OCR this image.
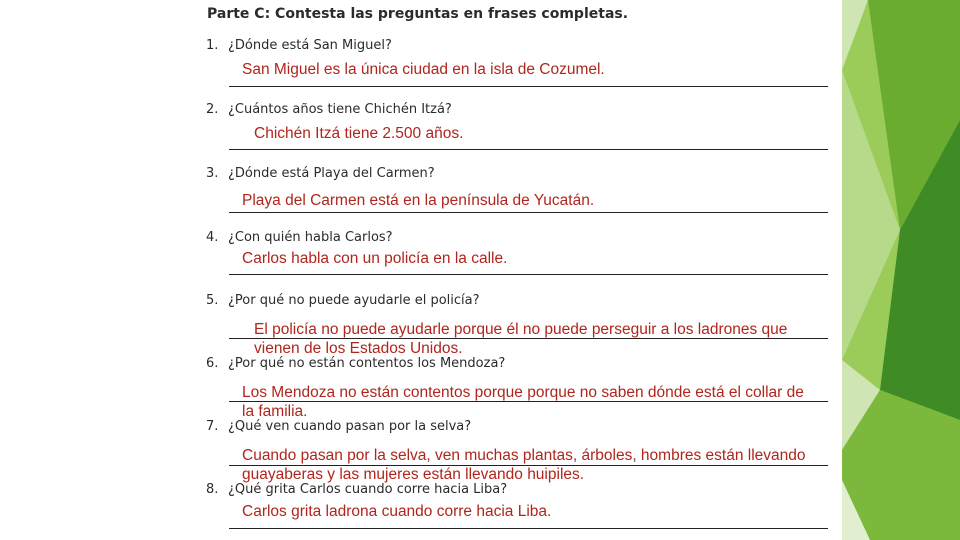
Parte C: Contesta las preguntas en frases completas.
1. ¿Dónde está San Miguel?
San Miguel es la única ciudad en la isla de Cozumel.
2. ¿Cuántos años tiene Chichén Itzá?
Chichén Itzá tiene 2.500 años.
3. ¿Dónde está Playa del Carmen?
Playa del Carmen está en la península de Yucatán.
4. ¿Con quién habla Carlos?
Carlos habla con un policía en la calle.
5. ¿Por qué no puede ayudarle el policía?
El policía no puede ayudarle porque él no puede perseguir a los ladrones que vienen de los Estados Unidos.
6. ¿Por qué no están contentos los Mendoza?
Los Mendoza no están contentos porque porque no saben dónde está el collar de la familia.
7. ¿Qué ven cuando pasan por la selva?
Cuando pasan por la selva, ven muchas plantas, árboles, hombres están llevando guayaberas y las mujeres están llevando huipiles.
8. ¿Qué grita Carlos cuando corre hacia Liba?
Carlos grita ladrona cuando corre hacia Liba.
